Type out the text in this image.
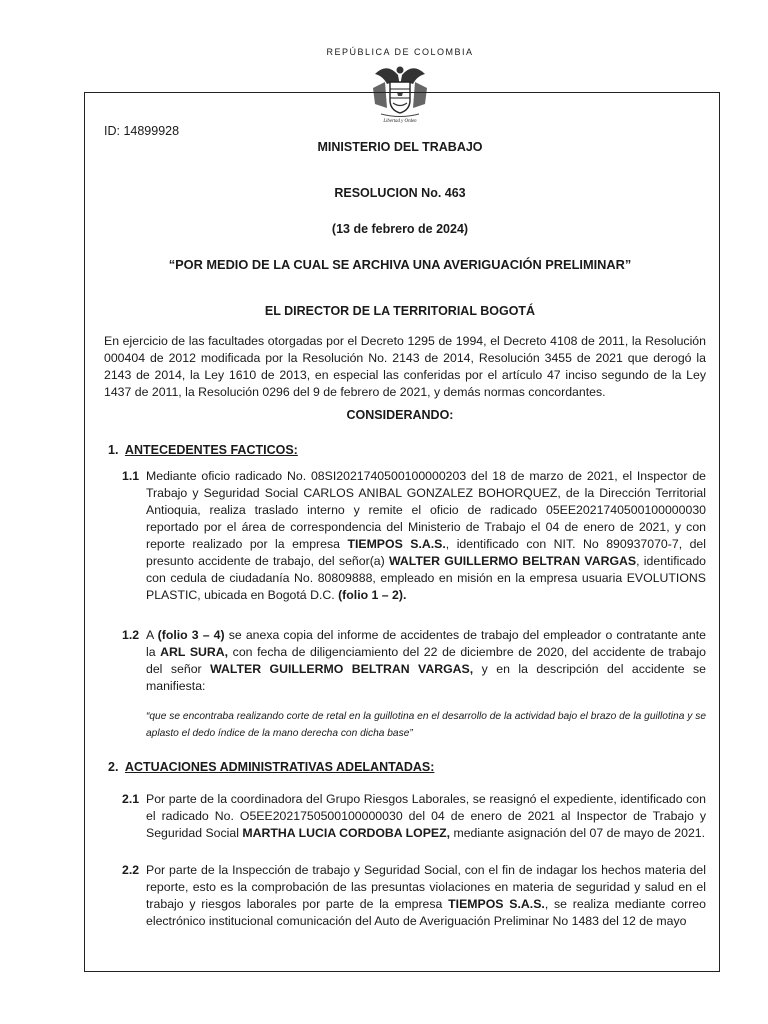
REPÚBLICA DE COLOMBIA
Libertad y Orden
ID: 14899928
MINISTERIO DEL TRABAJO
RESOLUCION No. 463
(13 de febrero de 2024)
“POR MEDIO DE LA CUAL SE ARCHIVA UNA AVERIGUACIÓN PRELIMINAR”
EL DIRECTOR DE LA TERRITORIAL BOGOTÁ

En ejercicio de las facultades otorgadas por el Decreto 1295 de 1994, el Decreto 4108 de 2011, la Resolución 000404 de 2012 modificada por la Resolución No. 2143 de 2014, Resolución 3455 de 2021 que derogó la 2143 de 2014, la Ley 1610 de 2013, en especial las conferidas por el artículo 47 inciso segundo de la Ley 1437 de 2011, la Resolución 0296 del 9 de febrero de 2021, y demás normas concordantes.

CONSIDERANDO:
1. ANTECEDENTES FACTICOS:
1.1 Mediante oficio radicado No. 08SI2021740500100000203 del 18 de marzo de 2021, el Inspector de Trabajo y Seguridad Social CARLOS ANIBAL GONZALEZ BOHORQUEZ, de la Dirección Territorial Antioquia, realiza traslado interno y remite el oficio de radicado 05EE2021740500100000030 reportado por el área de correspondencia del Ministerio de Trabajo el 04 de enero de 2021, y con reporte realizado por la empresa TIEMPOS S.A.S., identificado con NIT. No 890937070-7, del presunto accidente de trabajo, del señor(a) WALTER GUILLERMO BELTRAN VARGAS, identificado con cedula de ciudadanía No. 80809888, empleado en misión en la empresa usuaria EVOLUTIONS PLASTIC, ubicada en Bogotá D.C. (folio 1 – 2).
1.2 A (folio 3 – 4) se anexa copia del informe de accidentes de trabajo del empleador o contratante ante la ARL SURA, con fecha de diligenciamiento del 22 de diciembre de 2020, del accidente de trabajo del señor WALTER GUILLERMO BELTRAN VARGAS, y en la descripción del accidente se manifiesta:
“que se encontraba realizando corte de retal en la guillotina en el desarrollo de la actividad bajo el brazo de la guillotina y se aplasto el dedo índice de la mano derecha con dicha base”
2. ACTUACIONES ADMINISTRATIVAS ADELANTADAS:
2.1 Por parte de la coordinadora del Grupo Riesgos Laborales, se reasignó el expediente, identificado con el radicado No. O5EE2021750500100000030 del 04 de enero de 2021 al Inspector de Trabajo y Seguridad Social MARTHA LUCIA CORDOBA LOPEZ, mediante asignación del 07 de mayo de 2021.
2.2 Por parte de la Inspección de trabajo y Seguridad Social, con el fin de indagar los hechos materia del reporte, esto es la comprobación de las presuntas violaciones en materia de seguridad y salud en el trabajo y riesgos laborales por parte de la empresa TIEMPOS S.A.S., se realiza mediante correo electrónico institucional comunicación del Auto de Averiguación Preliminar No 1483 del 12 de mayo
